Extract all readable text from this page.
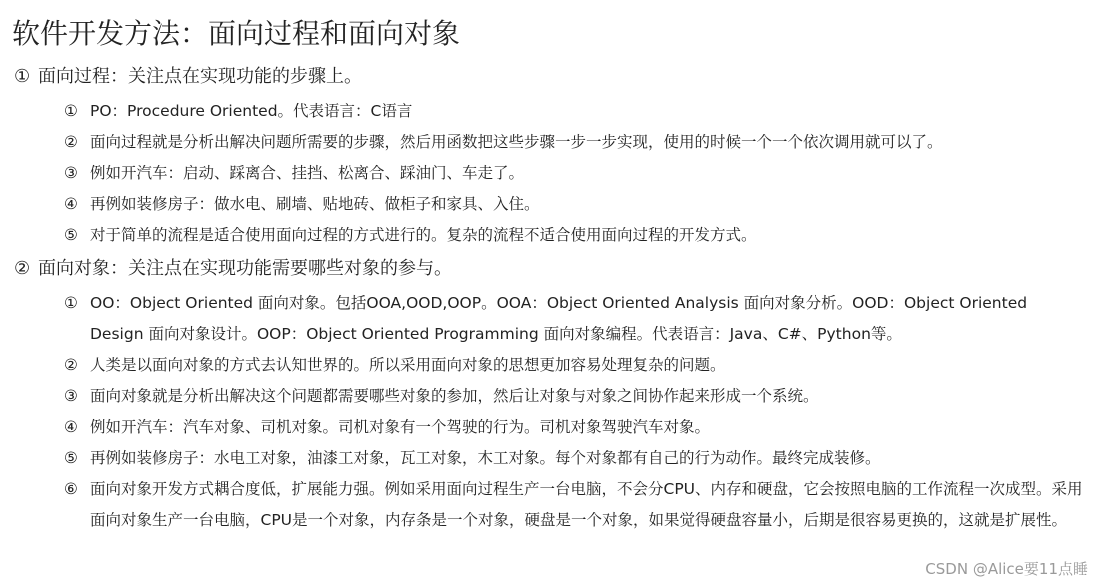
软件开发方法：面向过程和面向对象
① 面向过程：关注点在实现功能的步骤上。
① PO：Procedure Oriented。代表语言：C语言
② 面向过程就是分析出解决问题所需要的步骤，然后用函数把这些步骤一步一步实现，使用的时候一个一个依次调用就可以了。
③ 例如开汽车：启动、踩离合、挂挡、松离合、踩油门、车走了。
④ 再例如装修房子：做水电、刷墙、贴地砖、做柜子和家具、入住。
⑤ 对于简单的流程是适合使用面向过程的方式进行的。复杂的流程不适合使用面向过程的开发方式。
② 面向对象：关注点在实现功能需要哪些对象的参与。
① OO：Object Oriented 面向对象。包括OOA,OOD,OOP。OOA：Object Oriented Analysis 面向对象分析。OOD：Object Oriented Design 面向对象设计。OOP：Object Oriented Programming 面向对象编程。代表语言：Java、C#、Python等。
② 人类是以面向对象的方式去认知世界的。所以采用面向对象的思想更加容易处理复杂的问题。
③ 面向对象就是分析出解决这个问题都需要哪些对象的参加，然后让对象与对象之间协作起来形成一个系统。
④ 例如开汽车：汽车对象、司机对象。司机对象有一个驾驶的行为。司机对象驾驶汽车对象。
⑤ 再例如装修房子：水电工对象，油漆工对象，瓦工对象，木工对象。每个对象都有自己的行为动作。最终完成装修。
⑥ 面向对象开发方式耦合度低，扩展能力强。例如采用面向过程生产一台电脑，不会分CPU、内存和硬盘，它会按照电脑的工作流程一次成型。采用面向对象生产一台电脑，CPU是一个对象，内存条是一个对象，硬盘是一个对象，如果觉得硬盘容量小，后期是很容易更换的，这就是扩展性。
CSDN @Alice要11点睡
